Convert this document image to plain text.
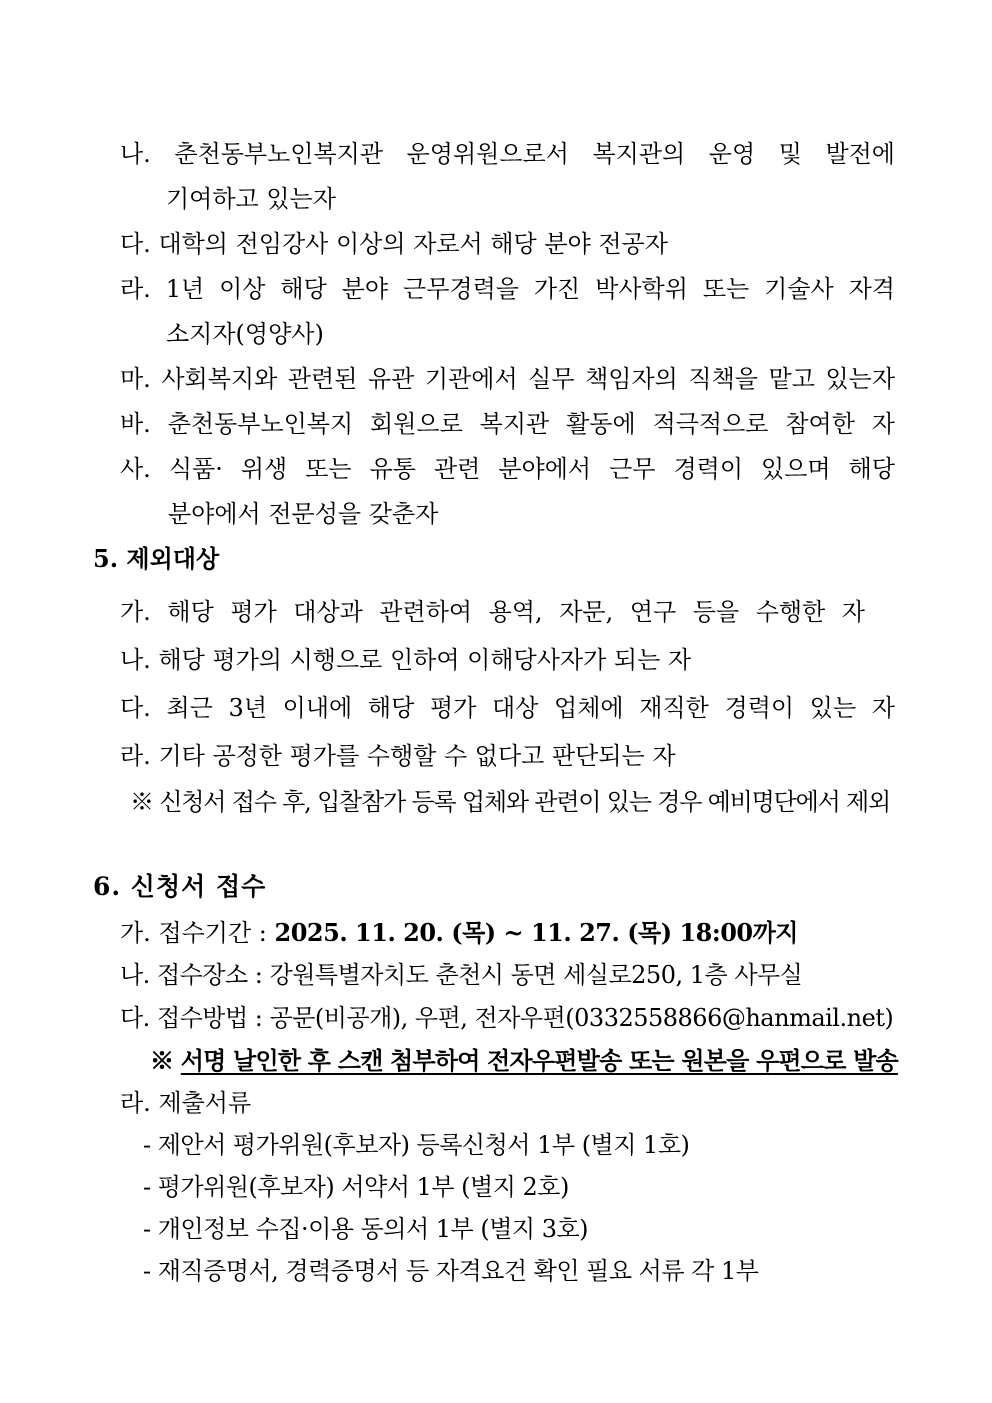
나. 춘천동부노인복지관 운영위원으로서 복지관의 운영 및 발전에
기여하고 있는자
다. 대학의 전임강사 이상의 자로서 해당 분야 전공자
라. 1년 이상 해당 분야 근무경력을 가진 박사학위 또는 기술사 자격
소지자(영양사)
마. 사회복지와 관련된 유관 기관에서 실무 책임자의 직책을 맡고 있는자
바. 춘천동부노인복지 회원으로 복지관 활동에 적극적으로 참여한 자
사. 식품· 위생 또는 유통 관련 분야에서 근무 경력이 있으며 해당
분야에서 전문성을 갖춘자
5. 제외대상
가. 해당 평가 대상과 관련하여 용역, 자문, 연구 등을 수행한 자
나. 해당 평가의 시행으로 인하여 이해당사자가 되는 자
다. 최근 3년 이내에 해당 평가 대상 업체에 재직한 경력이 있는 자
라. 기타 공정한 평가를 수행할 수 없다고 판단되는 자
※ 신청서 접수 후, 입찰참가 등록 업체와 관련이 있는 경우 예비명단에서 제외
6. 신청서 접수
가. 접수기간 : 2025. 11. 20. (목) ~ 11. 27. (목) 18:00까지
나. 접수장소 : 강원특별자치도 춘천시 동면 세실로250, 1층 사무실
다. 접수방법 : 공문(비공개), 우편, 전자우편(0332558866@hanmail.net)
※ 서명 날인한 후 스캔 첨부하여 전자우편발송 또는 원본을 우편으로 발송
라. 제출서류
- 제안서 평가위원(후보자) 등록신청서 1부 (별지 1호)
- 평가위원(후보자) 서약서 1부 (별지 2호)
- 개인정보 수집·이용 동의서 1부 (별지 3호)
- 재직증명서, 경력증명서 등 자격요건 확인 필요 서류 각 1부
